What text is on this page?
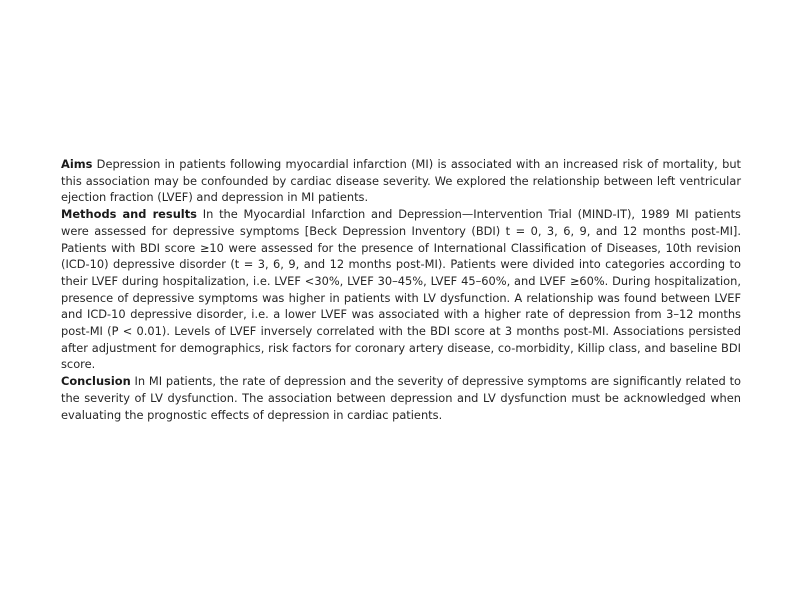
Aims Depression in patients following myocardial infarction (MI) is associated with an increased risk of mortality, but this association may be confounded by cardiac disease severity. We explored the relationship between left ventricular ejection fraction (LVEF) and depression in MI patients.

Methods and results In the Myocardial Infarction and Depression—Intervention Trial (MIND-IT), 1989 MI patients were assessed for depressive symptoms [Beck Depression Inventory (BDI) t = 0, 3, 6, 9, and 12 months post-MI]. Patients with BDI score ≥10 were assessed for the presence of International Classification of Diseases, 10th revision (ICD-10) depressive disorder (t = 3, 6, 9, and 12 months post-MI). Patients were divided into categories according to their LVEF during hospitalization, i.e. LVEF <30%, LVEF 30–45%, LVEF 45–60%, and LVEF ≥60%. During hospitalization, presence of depressive symptoms was higher in patients with LV dysfunction. A relationship was found between LVEF and ICD-10 depressive disorder, i.e. a lower LVEF was associated with a higher rate of depression from 3–12 months post-MI (P < 0.01). Levels of LVEF inversely correlated with the BDI score at 3 months post-MI. Associations persisted after adjustment for demographics, risk factors for coronary artery disease, co-morbidity, Killip class, and baseline BDI score.

Conclusion In MI patients, the rate of depression and the severity of depressive symptoms are significantly related to the severity of LV dysfunction. The association between depression and LV dysfunction must be acknowledged when evaluating the prognostic effects of depression in cardiac patients.
